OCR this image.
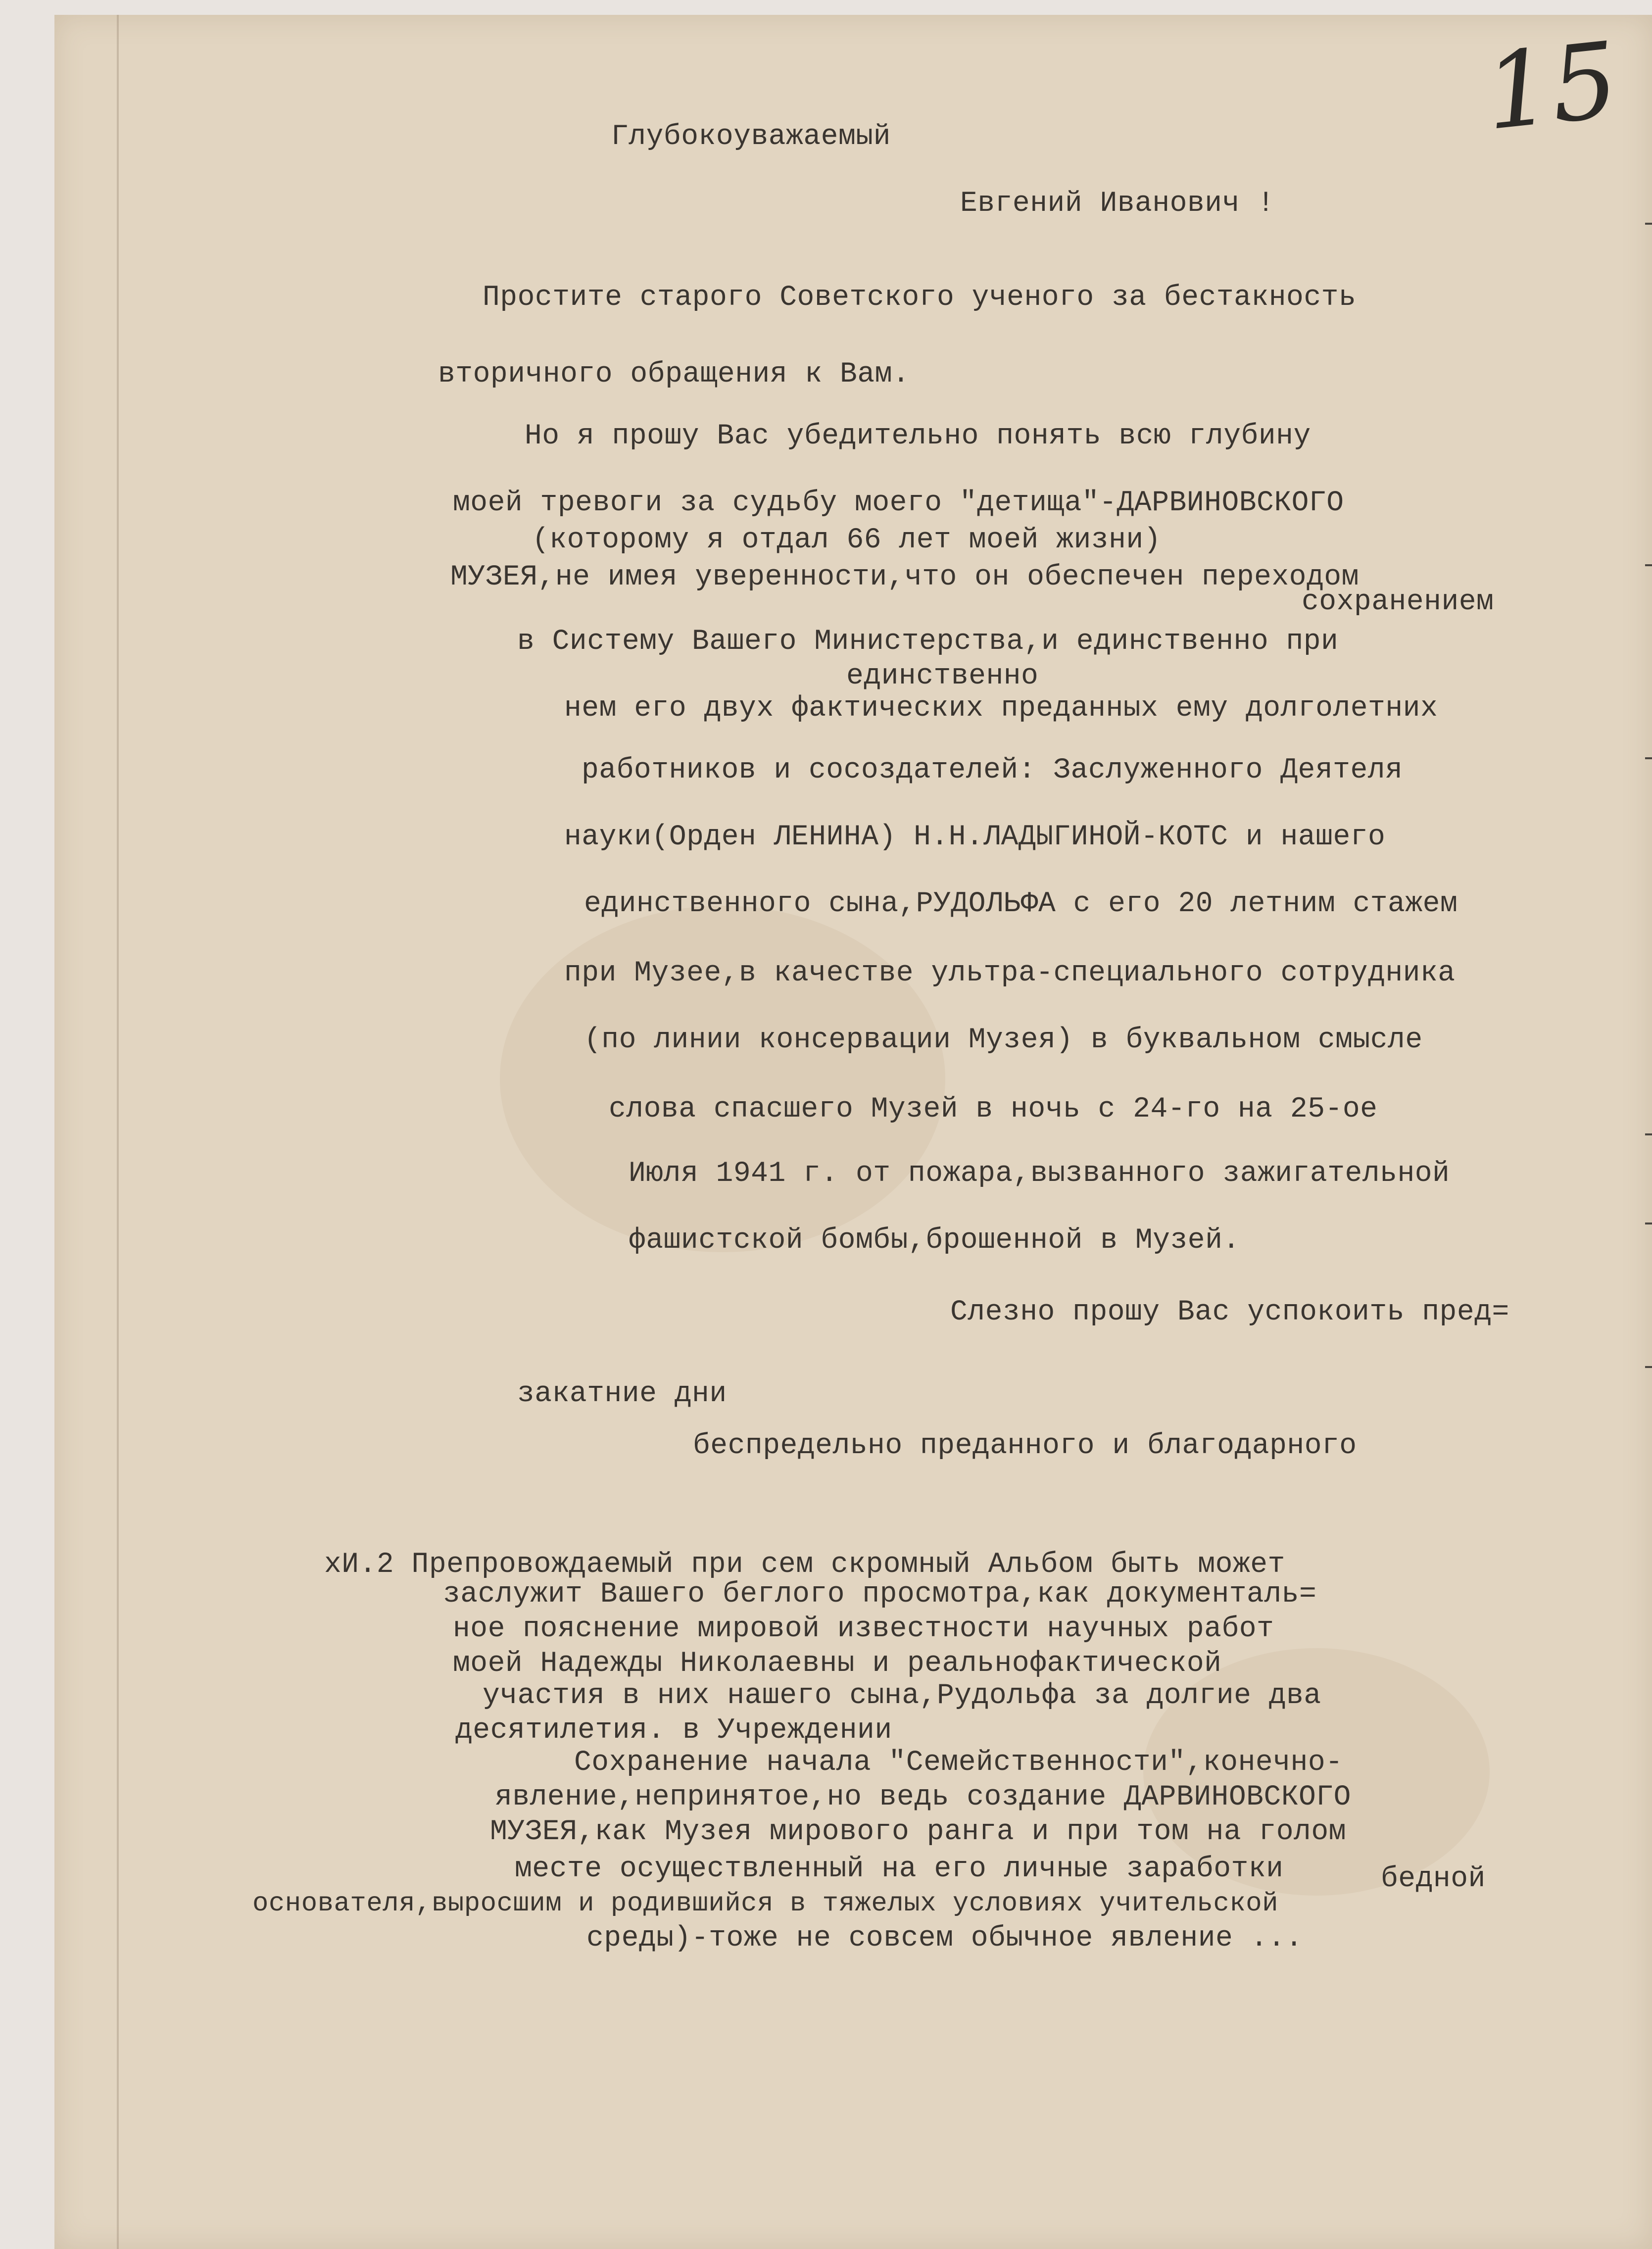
15
Глубокоуважаемый
Евгений Иванович !
Простите старого Советского ученого за бестакность
вторичного обращения к Вам.
Но я прошу Вас убедительно понять всю глубину
моей тревоги за судьбу моего "детища"-ДАРВИНОВСКОГО
(которому я отдал 66 лет моей жизни)
МУЗЕЯ,не имея уверенности,что он обеспечен переходом
сохранением
в Систему Вашего Министерства,и единственно при
единственно
нем его двух фактических преданных ему долголетних
работников и сосоздателей: Заслуженного Деятеля
науки(Орден ЛЕНИНА) Н.Н.ЛАДЫГИНОЙ-КОТС и нашего
единственного сына,РУДОЛЬФА с его 20 летним стажем
при Музее,в качестве ультра-специального сотрудника
(по линии консервации Музея) в буквальном смысле
слова спасшего Музей в ночь с 24-го на 25-ое
Июля 1941 г. от пожара,вызванного зажигательной
фашистской бомбы,брошенной в Музей.
Слезно прошу Вас успокоить пред=
закатние дни
беспредельно преданного и благодарного
хИ.2 Препровождаемый при сем скромный Альбом быть может
заслужит Вашего беглого просмотра,как документаль=
ное пояснение мировой известности научных работ
моей Надежды Николаевны и реальнофактической
участия в них нашего сына,Рудольфа за долгие два
десятилетия. в Учреждении
Сохранение начала "Семейственности",конечно-
явление,непринятое,но ведь создание ДАРВИНОВСКОГО
МУЗЕЯ,как Музея мирового ранга и при том на голом
месте осуществленный на его личные заработки	бедной
основателя,выросшим и родившийся в тяжелых условиях учительской
среды)-тоже не совсем обычное явление ...
